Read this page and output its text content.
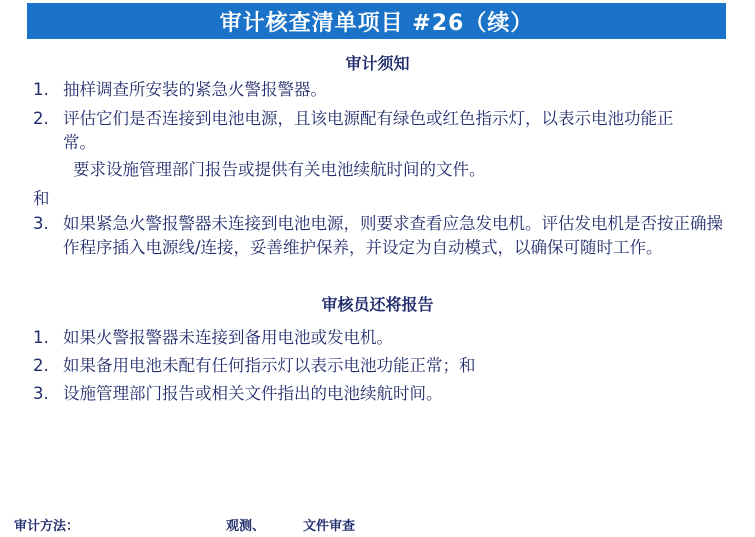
审计核查清单项目 #26（续）
审计须知
1. 抽样调查所安装的紧急火警报警器。
2. 评估它们是否连接到电池电源，且该电源配有绿色或红色指示灯，以表示电池功能正常。
要求设施管理部门报告或提供有关电池续航时间的文件。
和
3. 如果紧急火警报警器未连接到电池电源，则要求查看应急发电机。评估发电机是否按正确操作程序插入电源线/连接，妥善维护保养，并设定为自动模式，以确保可随时工作。
审核员还将报告
1. 如果火警报警器未连接到备用电池或发电机。
2. 如果备用电池未配有任何指示灯以表示电池功能正常；和
3. 设施管理部门报告或相关文件指出的电池续航时间。
审计方法：	观测、	文件审查
